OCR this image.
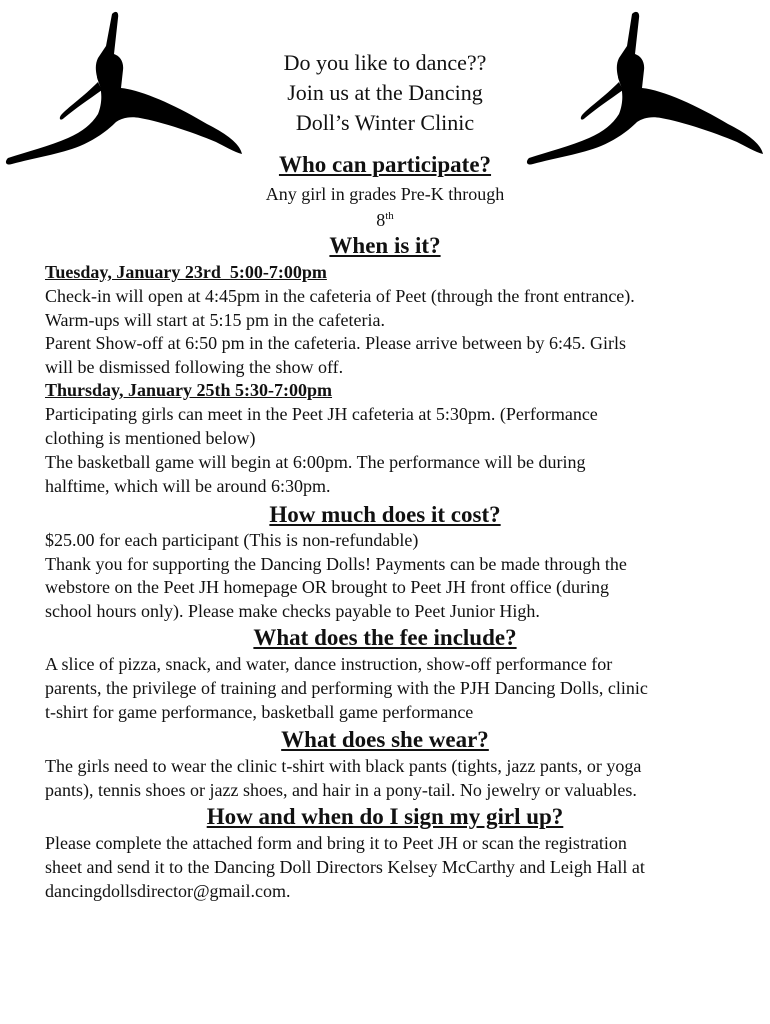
Do you like to dance??
Join us at the Dancing
Doll’s Winter Clinic
Who can participate?
Any girl in grades Pre-K through
8th
When is it?
Tuesday, January 23rd  5:00-7:00pm
Check-in will open at 4:45pm in the cafeteria of Peet (through the front entrance).
Warm-ups will start at 5:15 pm in the cafeteria.
Parent Show-off at 6:50 pm in the cafeteria. Please arrive between by 6:45. Girls
will be dismissed following the show off.
Thursday, January 25th 5:30-7:00pm
Participating girls can meet in the Peet JH cafeteria at 5:30pm. (Performance
clothing is mentioned below)
The basketball game will begin at 6:00pm. The performance will be during
halftime, which will be around 6:30pm.
How much does it cost?
$25.00 for each participant (This is non-refundable)
Thank you for supporting the Dancing Dolls! Payments can be made through the
webstore on the Peet JH homepage OR brought to Peet JH front office (during
school hours only). Please make checks payable to Peet Junior High.
What does the fee include?
A slice of pizza, snack, and water, dance instruction, show-off performance for
parents, the privilege of training and performing with the PJH Dancing Dolls, clinic
t-shirt for game performance, basketball game performance
What does she wear?
The girls need to wear the clinic t-shirt with black pants (tights, jazz pants, or yoga
pants), tennis shoes or jazz shoes, and hair in a pony-tail. No jewelry or valuables.
How and when do I sign my girl up?
Please complete the attached form and bring it to Peet JH or scan the registration
sheet and send it to the Dancing Doll Directors Kelsey McCarthy and Leigh Hall at
dancingdollsdirector@gmail.com.
